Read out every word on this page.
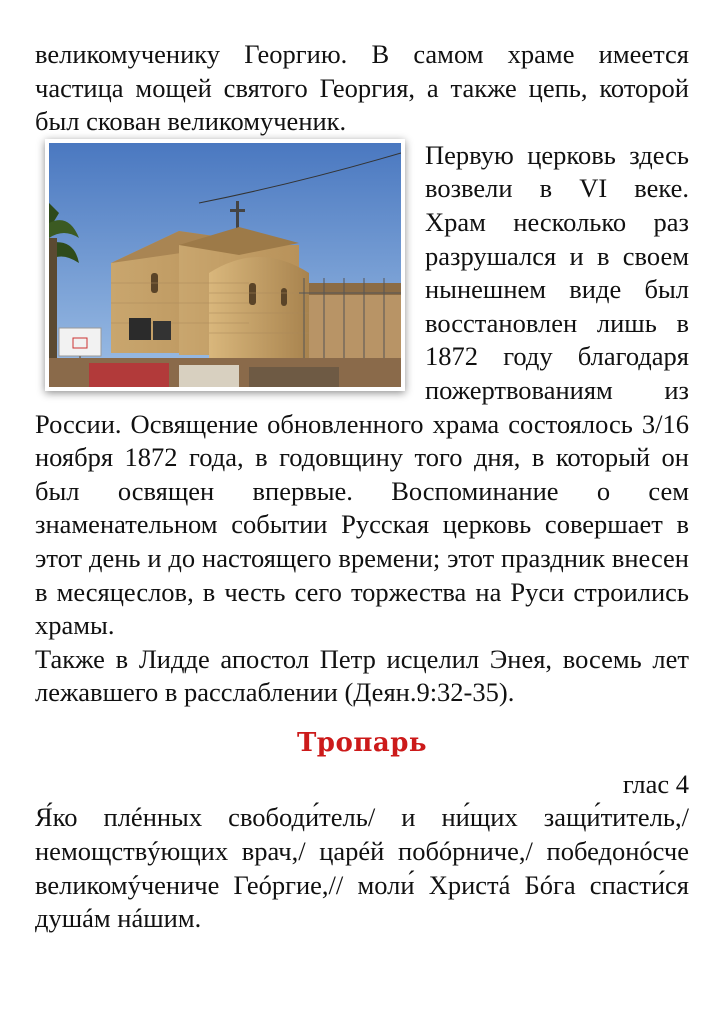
великомученику Георгию. В самом храме имеется частица мощей святого Георгия, а также цепь, которой был скован великомученик.

Первую церковь здесь возвели в VI веке. Храм несколько раз разрушался и в своем нынешнем виде был восстановлен лишь в 1872 году благодаря пожертвованиям из России. Освящение обновленного храма состоялось 3/16 ноября 1872 года, в годовщину того дня, в который он был освящен впервые. Воспоминание о сем знаменательном событии Русская церковь совершает в этот день и до настоящего времени; этот праздник внесен в месяцеслов, в честь сего торжества на Руси строились храмы.

Также в Лидде апостол Петр исцелил Энея, восемь лет лежавшего в расслаблении (Деян.9:32-35).

Тропарь

глас 4

Я́ко плéнных свободи́тель/ и ни́щих защи́титель,/ немощствýющих врач,/ царéй побóрниче,/ победонóсче великомýчениче Геóргие,// моли́ Христá Бóга спасти́ся душáм нáшим.
